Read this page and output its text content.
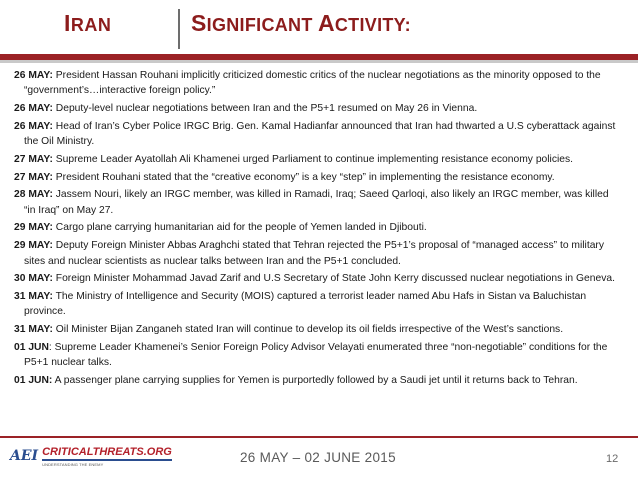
IRAN	SIGNIFICANT ACTIVITY:

26 MAY: President Hassan Rouhani implicitly criticized domestic critics of the nuclear negotiations as the minority opposed to the “government’s…interactive foreign policy.”

26 MAY: Deputy-level nuclear negotiations between Iran and the P5+1 resumed on May 26 in Vienna.

26 MAY: Head of Iran’s Cyber Police IRGC Brig. Gen. Kamal Hadianfar announced that Iran had thwarted a U.S cyberattack against the Oil Ministry.

27 MAY: Supreme Leader Ayatollah Ali Khamenei urged Parliament to continue implementing resistance economy policies.

27 MAY: President Rouhani stated that the “creative economy” is a key “step” in implementing the resistance economy.

28 MAY: Jassem Nouri, likely an IRGC member, was killed in Ramadi, Iraq; Saeed Qarloqi, also likely an IRGC member, was killed “in Iraq” on May 27.

29 MAY: Cargo plane carrying humanitarian aid for the people of Yemen landed in Djibouti.

29 MAY: Deputy Foreign Minister Abbas Araghchi stated that Tehran rejected the P5+1’s proposal of “managed access” to military sites and nuclear scientists as nuclear talks between Iran and the P5+1 concluded.

30 MAY: Foreign Minister Mohammad Javad Zarif and U.S Secretary of State John Kerry discussed nuclear negotiations in Geneva.

31 MAY: The Ministry of Intelligence and Security (MOIS) captured a terrorist leader named Abu Hafs in Sistan va Baluchistan province.

31 MAY: Oil Minister Bijan Zanganeh stated Iran will continue to develop its oil fields irrespective of the West’s sanctions.

01 JUN: Supreme Leader Khamenei’s Senior Foreign Policy Advisor Velayati enumerated three “non-negotiable” conditions for the P5+1 nuclear talks.

01 JUN: A passenger plane carrying supplies for Yemen is purportedly followed by a Saudi jet until it returns back to Tehran.

AEI CRITICALTHREATS.ORG
UNDERSTANDING THE ENEMY	26 MAY – 02 JUNE 2015	12
